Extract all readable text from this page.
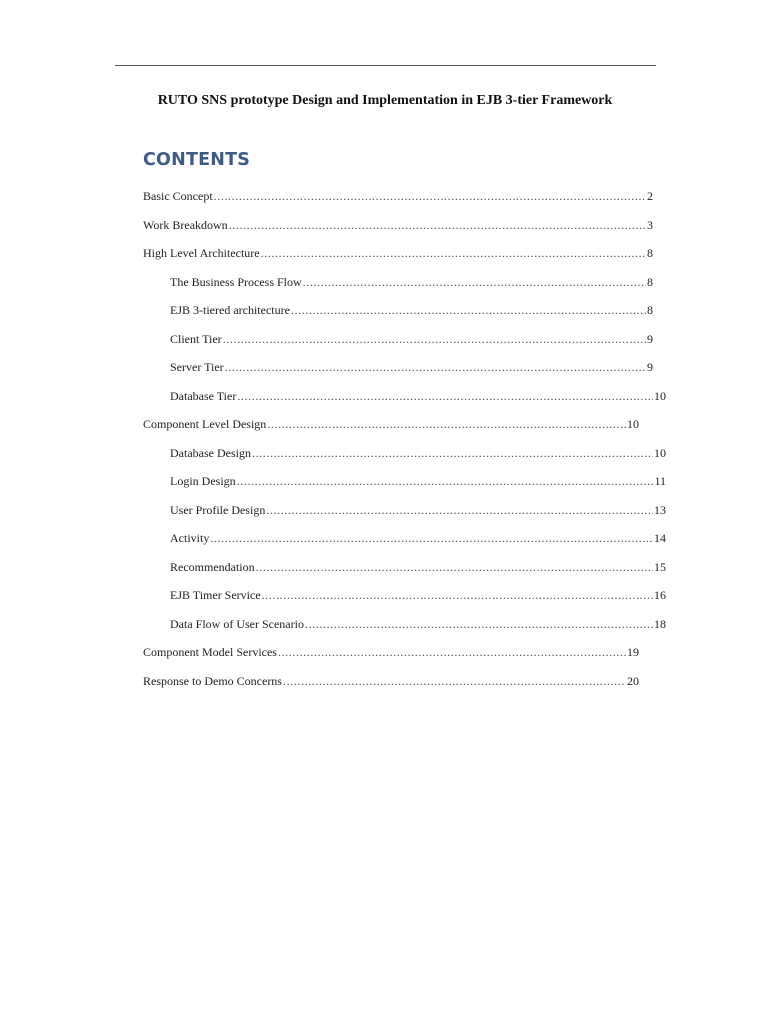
RUTO SNS prototype Design and Implementation in EJB 3-tier Framework
CONTENTS
Basic Concept .....	2
Work Breakdown .....	3
High Level Architecture .....	8
The Business Process Flow .....	8
EJB 3-tiered architecture .....	8
Client Tier .....	9
Server Tier .....	9
Database Tier .....	10
Component Level Design .....	10
Database Design .....	10
Login Design .....	11
User Profile Design .....	13
Activity .....	14
Recommendation .....	15
EJB Timer Service .....	16
Data Flow of User Scenario .....	18
Component Model Services .....	19
Response to Demo Concerns .....	20
